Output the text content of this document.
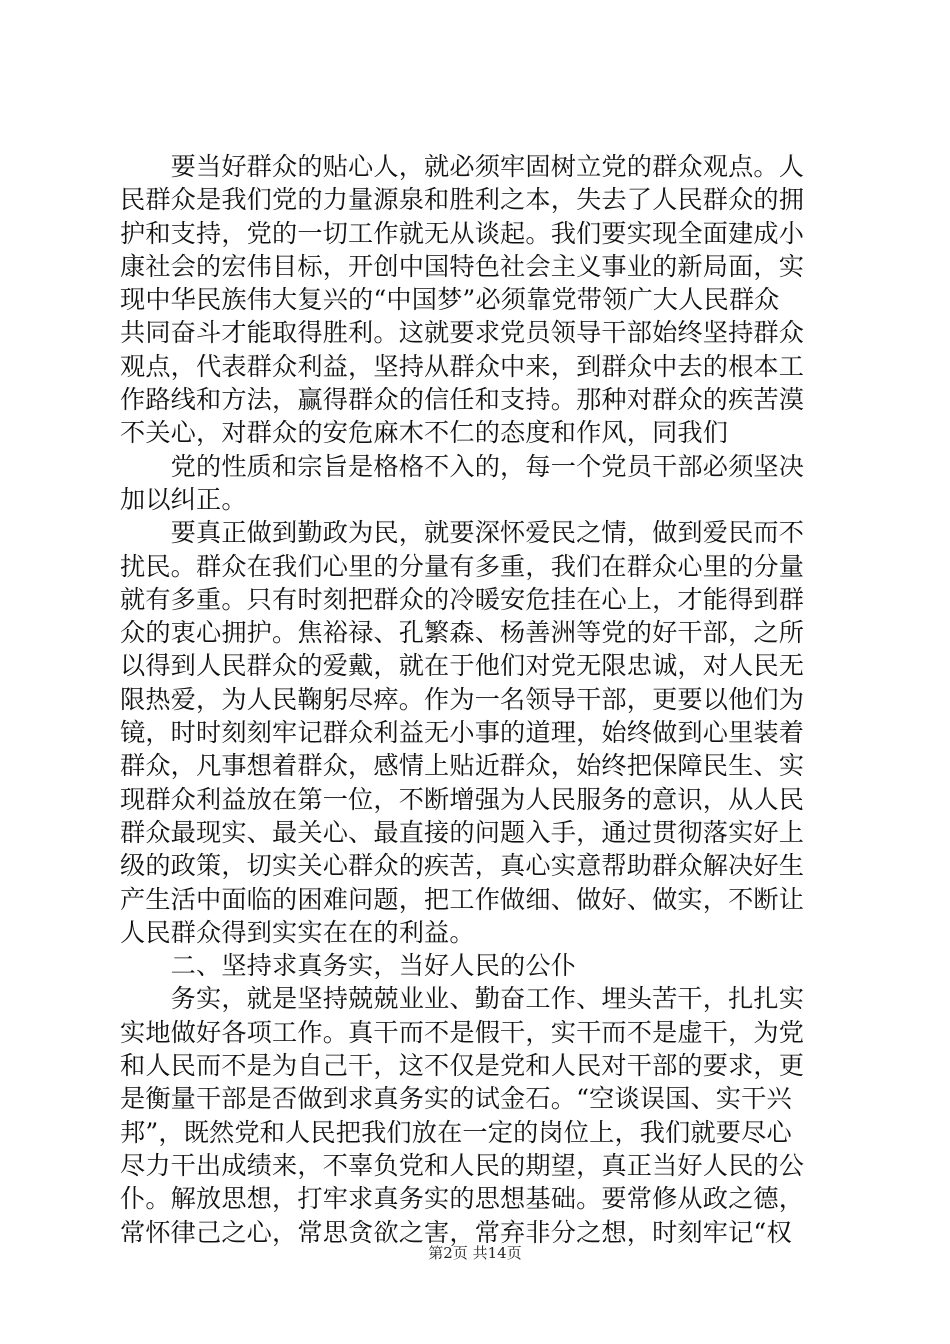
　　要当好群众的贴心人，就必须牢固树立党的群众观点。人
民群众是我们党的力量源泉和胜利之本，失去了人民群众的拥
护和支持，党的一切工作就无从谈起。我们要实现全面建成小
康社会的宏伟目标，开创中国特色社会主义事业的新局面，实
现中华民族伟大复兴的“中国梦”必须靠党带领广大人民群众
共同奋斗才能取得胜利。这就要求党员领导干部始终坚持群众
观点，代表群众利益，坚持从群众中来，到群众中去的根本工
作路线和方法，赢得群众的信任和支持。那种对群众的疾苦漠
不关心，对群众的安危麻木不仁的态度和作风，同我们
　　党的性质和宗旨是格格不入的，每一个党员干部必须坚决
加以纠正。
　　要真正做到勤政为民，就要深怀爱民之情，做到爱民而不
扰民。群众在我们心里的分量有多重，我们在群众心里的分量
就有多重。只有时刻把群众的冷暖安危挂在心上，才能得到群
众的衷心拥护。焦裕禄、孔繁森、杨善洲等党的好干部，之所
以得到人民群众的爱戴，就在于他们对党无限忠诚，对人民无
限热爱，为人民鞠躬尽瘁。作为一名领导干部，更要以他们为
镜，时时刻刻牢记群众利益无小事的道理，始终做到心里装着
群众，凡事想着群众，感情上贴近群众，始终把保障民生、实
现群众利益放在第一位，不断增强为人民服务的意识，从人民
群众最现实、最关心、最直接的问题入手，通过贯彻落实好上
级的政策，切实关心群众的疾苦，真心实意帮助群众解决好生
产生活中面临的困难问题，把工作做细、做好、做实，不断让
人民群众得到实实在在的利益。
　　二、坚持求真务实，当好人民的公仆
　　务实，就是坚持兢兢业业、勤奋工作、埋头苦干，扎扎实
实地做好各项工作。真干而不是假干，实干而不是虚干，为党
和人民而不是为自己干，这不仅是党和人民对干部的要求，更
是衡量干部是否做到求真务实的试金石。“空谈误国、实干兴
邦”，既然党和人民把我们放在一定的岗位上，我们就要尽心
尽力干出成绩来，不辜负党和人民的期望，真正当好人民的公
仆。解放思想，打牢求真务实的思想基础。要常修从政之德，
常怀律己之心，常思贪欲之害，常弃非分之想，时刻牢记“权
第2页 共14页
